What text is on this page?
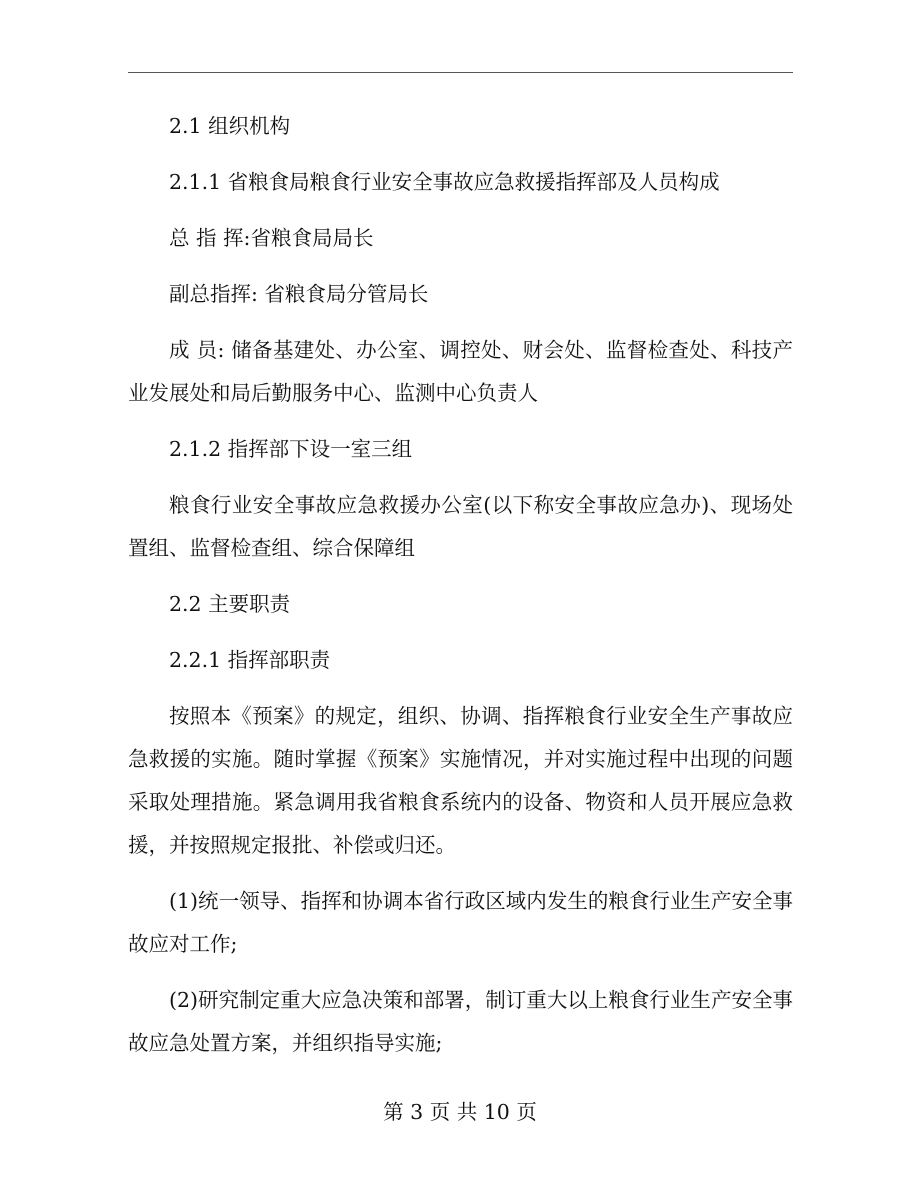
2.1 组织机构

2.1.1 省粮食局粮食行业安全事故应急救援指挥部及人员构成

总 指 挥:省粮食局局长

副总指挥: 省粮食局分管局长

成 员: 储备基建处、办公室、调控处、财会处、监督检查处、科技产业发展处和局后勤服务中心、监测中心负责人

2.1.2 指挥部下设一室三组

粮食行业安全事故应急救援办公室(以下称安全事故应急办)、现场处置组、监督检查组、综合保障组

2.2 主要职责

2.2.1 指挥部职责

按照本《预案》的规定，组织、协调、指挥粮食行业安全生产事故应急救援的实施。随时掌握《预案》实施情况，并对实施过程中出现的问题采取处理措施。紧急调用我省粮食系统内的设备、物资和人员开展应急救援，并按照规定报批、补偿或归还。

(1)统一领导、指挥和协调本省行政区域内发生的粮食行业生产安全事故应对工作;

(2)研究制定重大应急决策和部署，制订重大以上粮食行业生产安全事故应急处置方案，并组织指导实施;

第 3 页 共 10 页
